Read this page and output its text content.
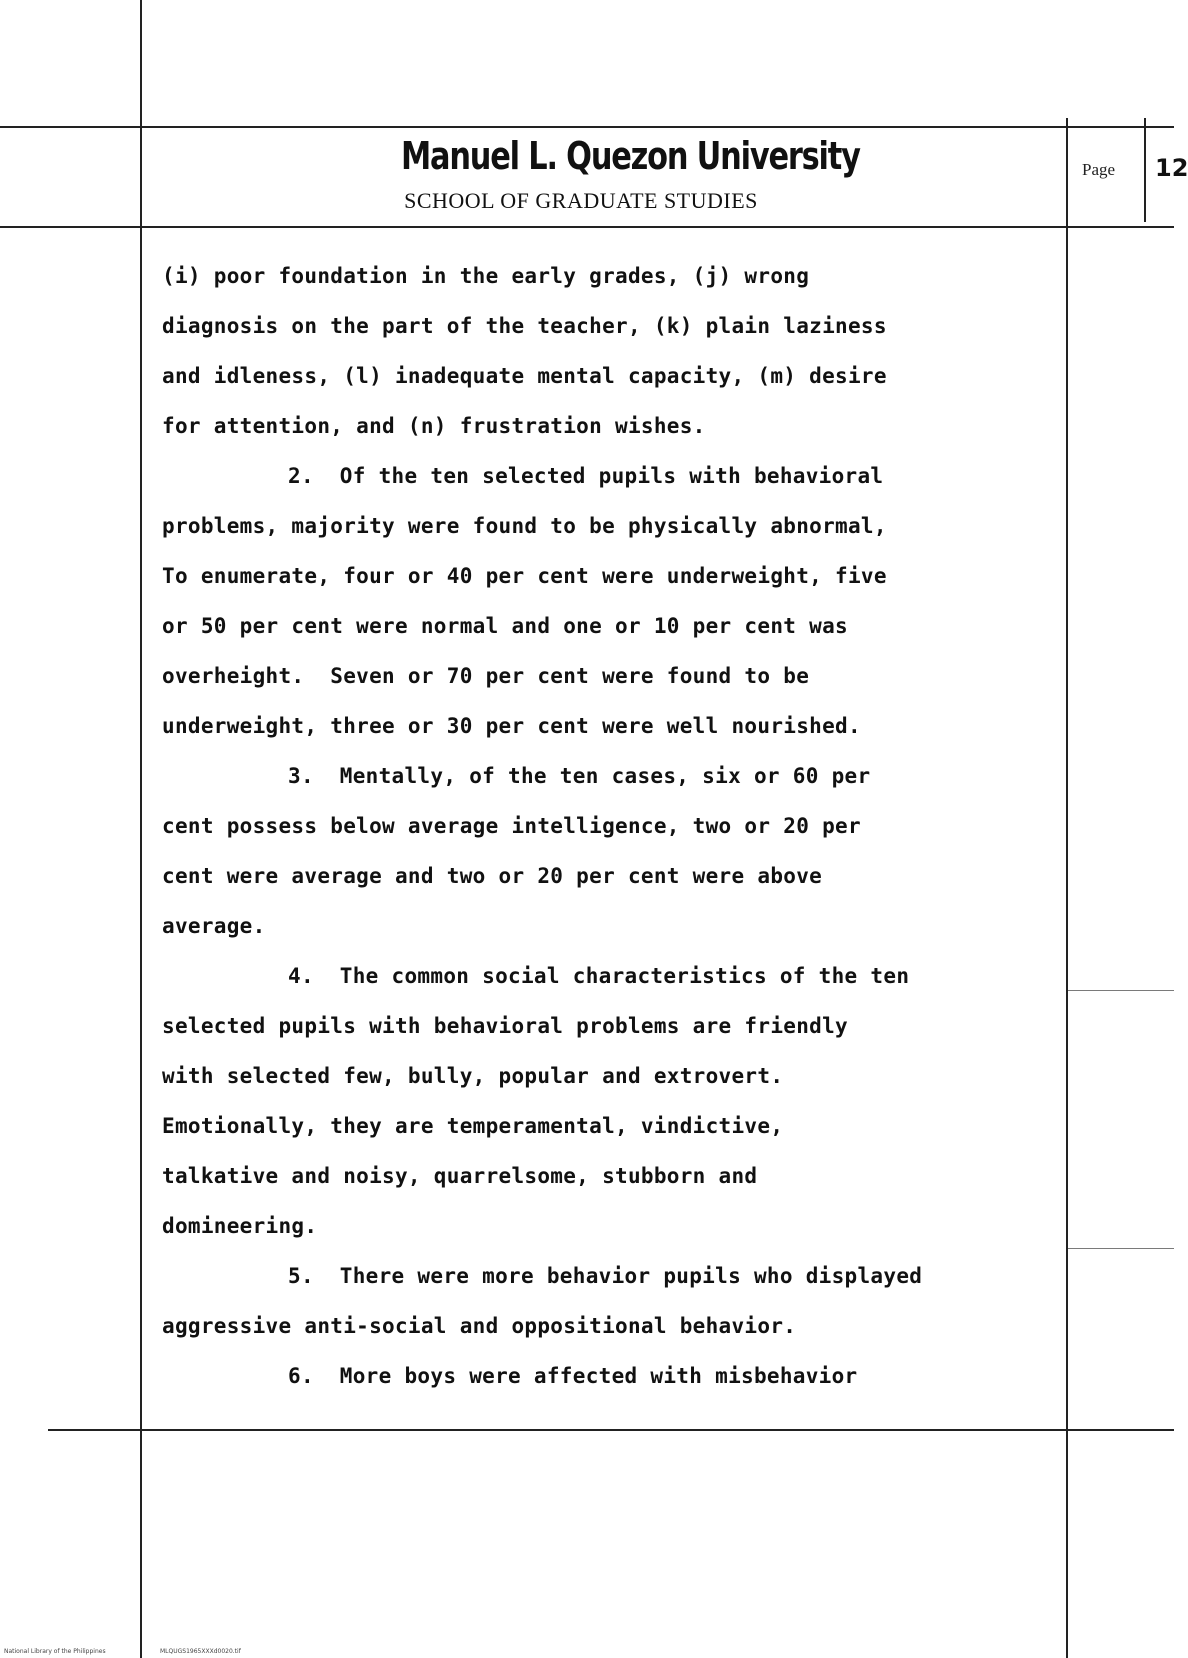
Manuel L. Quezon University
SCHOOL OF GRADUATE STUDIES
Page 12
(i) poor foundation in the early grades, (j) wrong
diagnosis on the part of the teacher, (k) plain laziness
and idleness, (l) inadequate mental capacity, (m) desire
for attention, and (n) frustration wishes.
2.  Of the ten selected pupils with behavioral
problems, majority were found to be physically abnormal,
To enumerate, four or 40 per cent were underweight, five
or 50 per cent were normal and one or 10 per cent was
overheight.  Seven or 70 per cent were found to be
underweight, three or 30 per cent were well nourished.
3.  Mentally, of the ten cases, six or 60 per
cent possess below average intelligence, two or 20 per
cent were average and two or 20 per cent were above
average.
4.  The common social characteristics of the ten
selected pupils with behavioral problems are friendly
with selected few, bully, popular and extrovert.
Emotionally, they are temperamental, vindictive,
talkative and noisy, quarrelsome, stubborn and
domineering.
5.  There were more behavior pupils who displayed
aggressive anti-social and oppositional behavior.
6.  More boys were affected with misbehavior
National Library of the Philippines	MLQUGS1965XXXd0020.tif
